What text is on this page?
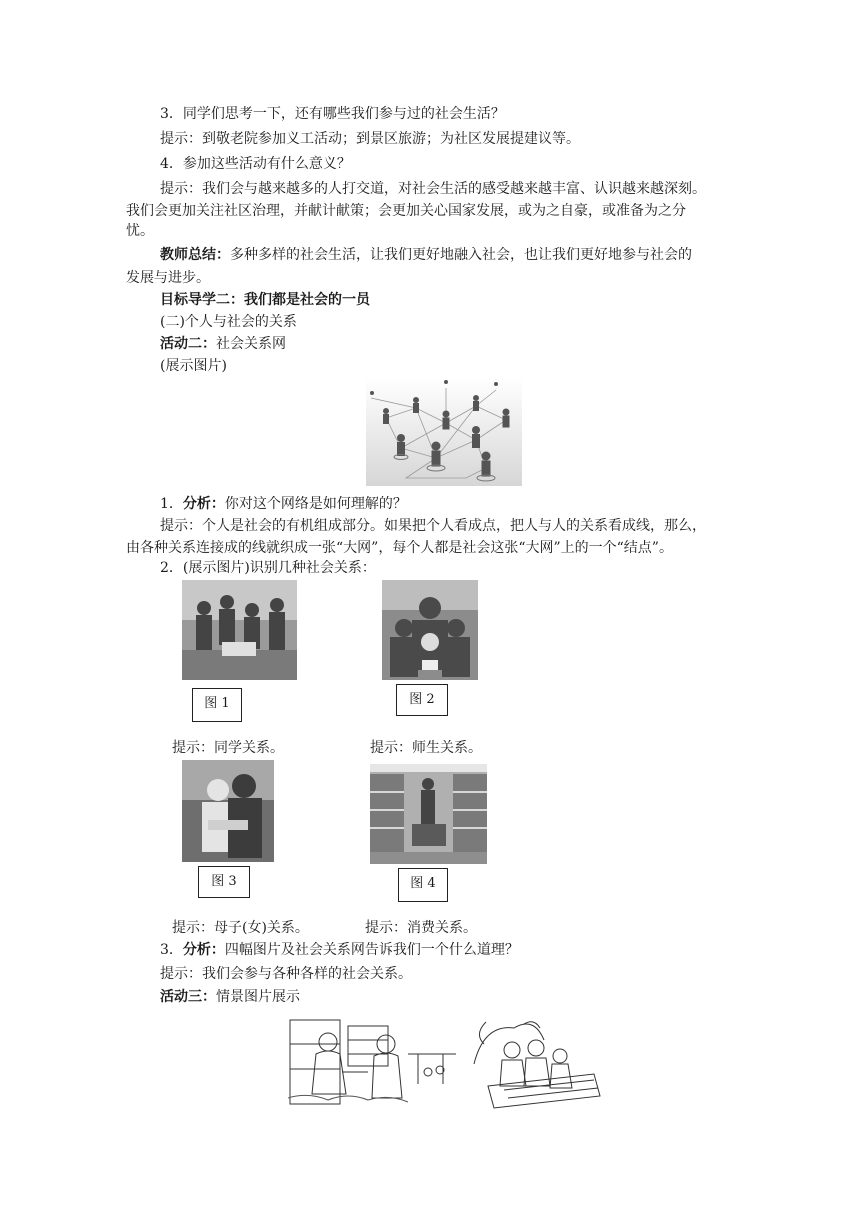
3．同学们思考一下，还有哪些我们参与过的社会生活？
提示：到敬老院参加义工活动；到景区旅游；为社区发展提建议等。
4．参加这些活动有什么意义？
提示：我们会与越来越多的人打交道，对社会生活的感受越来越丰富、认识越来越深刻。
我们会更加关注社区治理，并献计献策；会更加关心国家发展，或为之自豪，或准备为之分
忧。
教师总结：多种多样的社会生活，让我们更好地融入社会，也让我们更好地参与社会的
发展与进步。
目标导学二：我们都是社会的一员
(二)个人与社会的关系
活动二：社会关系网
(展示图片)
1．分析：你对这个网络是如何理解的？
提示：个人是社会的有机组成部分。如果把个人看成点，把人与人的关系看成线，那么，
由各种关系连接成的线就织成一张“大网”，每个人都是社会这张“大网”上的一个“结点”。
2．(展示图片)识别几种社会关系：
图 1	图 2
提示：同学关系。	提示：师生关系。
图 3	图 4
提示：母子(女)关系。	提示：消费关系。
3．分析：四幅图片及社会关系网告诉我们一个什么道理？
提示：我们会参与各种各样的社会关系。
活动三：情景图片展示
